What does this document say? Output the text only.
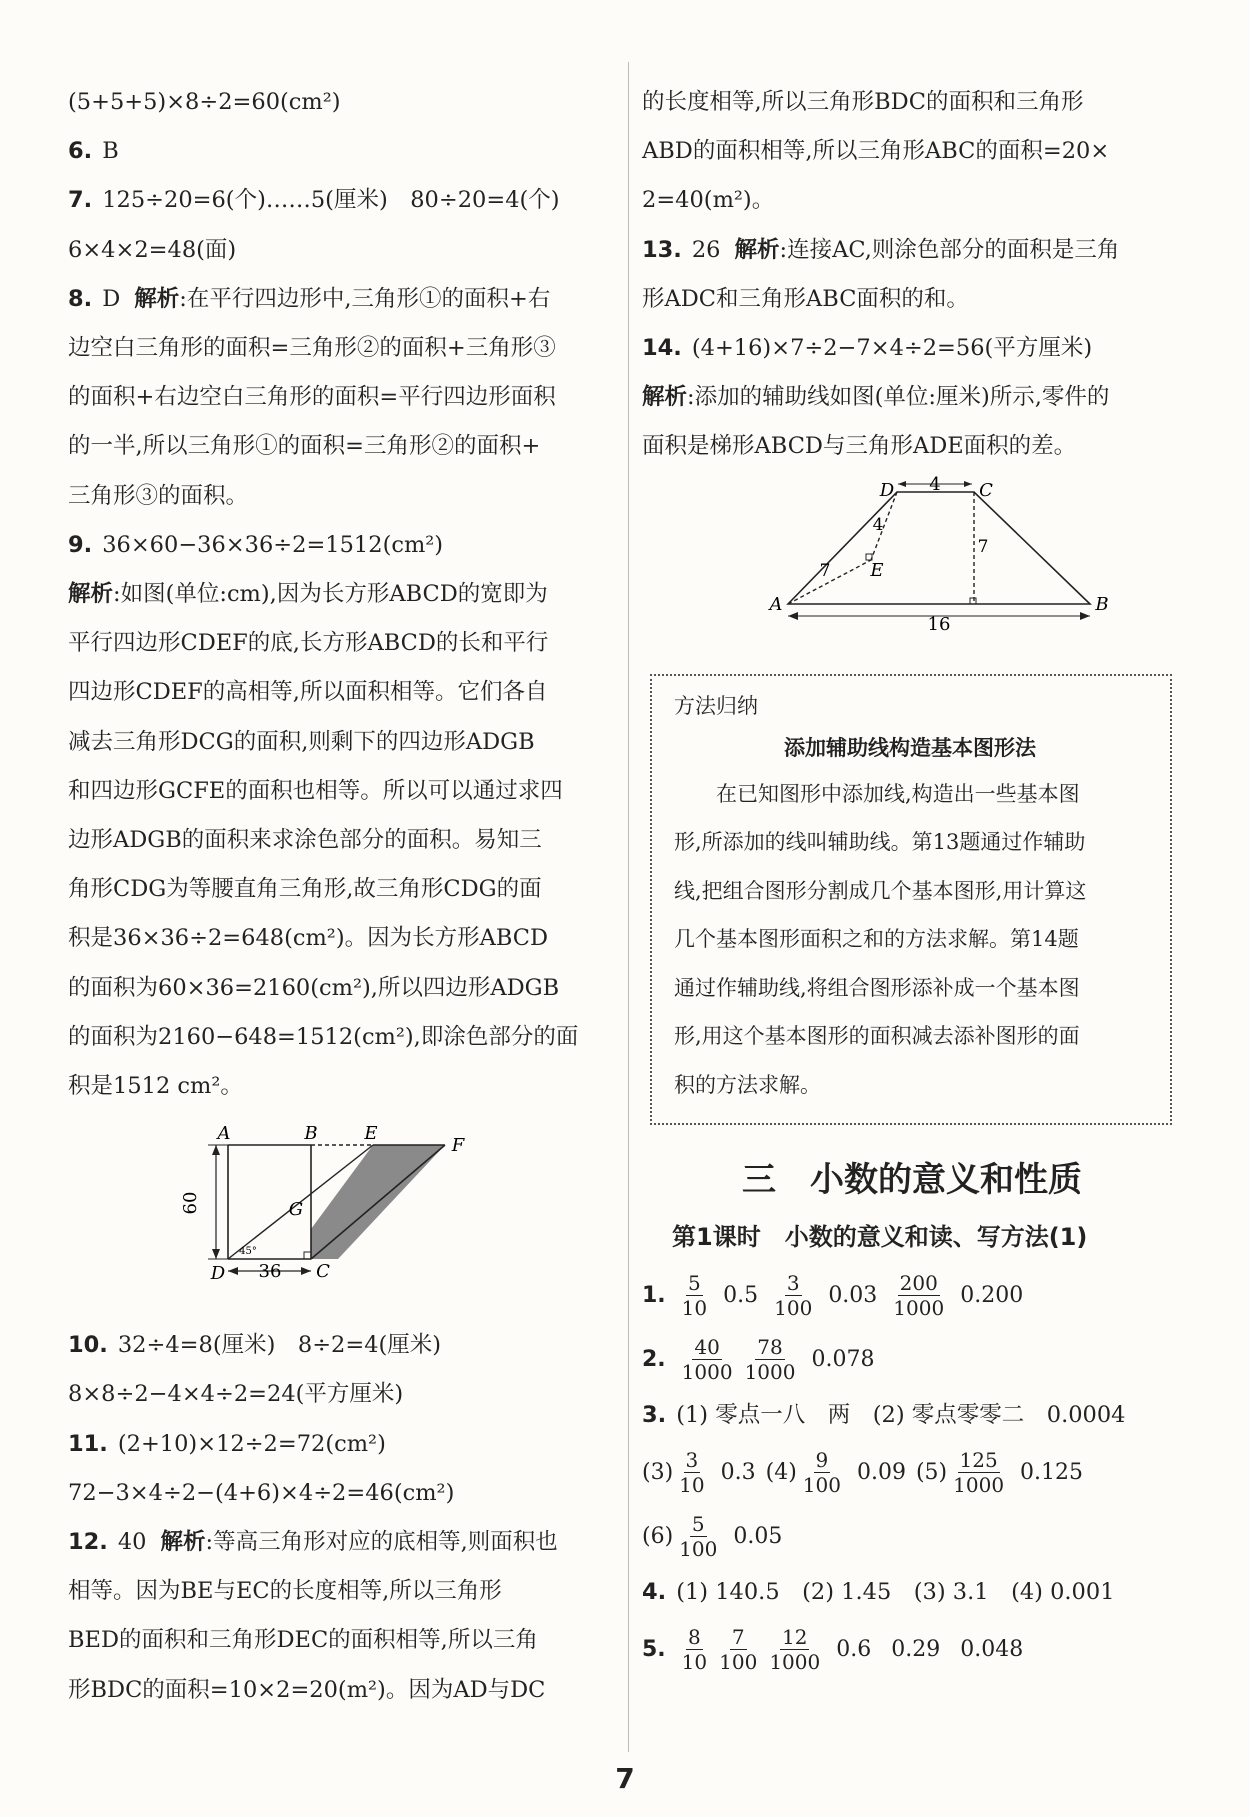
(5+5+5)×8÷2=60(cm²)
6. B
7. 125÷20=6(个)……5(厘米)　80÷20=4(个)
6×4×2=48(面)
8. D 解析:在平行四边形中,三角形①的面积+右
边空白三角形的面积=三角形②的面积+三角形③
的面积+右边空白三角形的面积=平行四边形面积
的一半,所以三角形①的面积=三角形②的面积+
三角形③的面积。
9. 36×60−36×36÷2=1512(cm²)
解析:如图(单位:cm),因为长方形ABCD的宽即为
平行四边形CDEF的底,长方形ABCD的长和平行
四边形CDEF的高相等,所以面积相等。它们各自
减去三角形DCG的面积,则剩下的四边形ADGB
和四边形GCFE的面积也相等。所以可以通过求四
边形ADGB的面积来求涂色部分的面积。易知三
角形CDG为等腰直角三角形,故三角形CDG的面
积是36×36÷2=648(cm²)。因为长方形ABCD
的面积为60×36=2160(cm²),所以四边形ADGB
的面积为2160−648=1512(cm²),即涂色部分的面
积是1512 cm²。
A	B	E
F
G
D	C
60
36
45°
10. 32÷4=8(厘米)　8÷2=4(厘米)
8×8÷2−4×4÷2=24(平方厘米)
11. (2+10)×12÷2=72(cm²)
72−3×4÷2−(4+6)×4÷2=46(cm²)
12. 40 解析:等高三角形对应的底相等,则面积也
相等。因为BE与EC的长度相等,所以三角形
BED的面积和三角形DEC的面积相等,所以三角
形BDC的面积=10×2=20(m²)。因为AD与DC
的长度相等,所以三角形BDC的面积和三角形
ABD的面积相等,所以三角形ABC的面积=20×
2=40(m²)。
13. 26 解析:连接AC,则涂色部分的面积是三角
形ADC和三角形ABC面积的和。
14. (4+16)×7÷2−7×4÷2=56(平方厘米)
解析:添加的辅助线如图(单位:厘米)所示,零件的
面积是梯形ABCD与三角形ADE面积的差。
D	C
A	B
E
4
16
4
7
7
方法归纳
添加辅助线构造基本图形法
在已知图形中添加线,构造出一些基本图
形,所添加的线叫辅助线。第13题通过作辅助
线,把组合图形分割成几个基本图形,用计算这
几个基本图形面积之和的方法求解。第14题
通过作辅助线,将组合图形添补成一个基本图
形,用这个基本图形的面积减去添补图形的面
积的方法求解。
三　小数的意义和性质
第1课时　小数的意义和读、写方法(1)
1. $\frac{5}{10} 0.5 \frac{3}{100} 0.03 \frac{200}{1000} 0.200$
2. $\frac{40}{1000} \frac{78}{1000} 0.078$
3. (1) 零点一八　两　(2) 零点零零二　0.0004
$(3) \frac{3}{10} 0.3$ $(4) \frac{9}{100} 0.09$ $(5) \frac{125}{1000} 0.125$
$(6) \frac{5}{100} 0.05$
4. (1) 140.5　(2) 1.45　(3) 3.1　(4) 0.001
5. $\frac{8}{10} \frac{7}{100} \frac{12}{1000} 0.6$ 0.29 0.048
7
